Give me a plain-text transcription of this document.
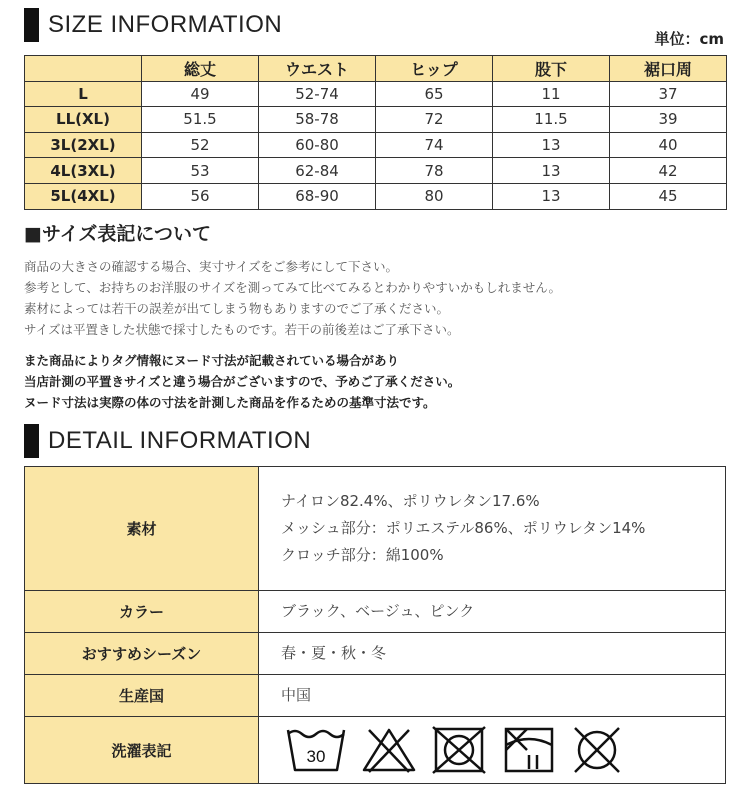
SIZE INFORMATION
単位：cm
	総丈	ウエスト	ヒップ	股下	裾口周
L	49	52-74	65	11	37
LL(XL)	51.5	58-78	72	11.5	39
3L(2XL)	52	60-80	74	13	40
4L(3XL)	53	62-84	78	13	42
5L(4XL)	56	68-90	80	13	45
■サイズ表記について
商品の大きさの確認する場合、実寸サイズをご参考にして下さい。
参考として、お持ちのお洋服のサイズを測ってみて比べてみるとわかりやすいかもしれません。
素材によっては若干の誤差が出てしまう物もありますのでご了承ください。
サイズは平置きした状態で採寸したものです。若干の前後差はご了承下さい。
また商品によりタグ情報にヌード寸法が記載されている場合があり
当店計測の平置きサイズと違う場合がございますので、予めご了承ください。
ヌード寸法は実際の体の寸法を計測した商品を作るための基準寸法です。
DETAIL INFORMATION
素材	ナイロン82.4%、ポリウレタン17.6%
メッシュ部分：ポリエステル86%、ポリウレタン14%
クロッチ部分：綿100%

カラー	ブラック、ベージュ、ピンク
おすすめシーズン	春・夏・秋・冬
生産国	中国
洗濯表記	30
